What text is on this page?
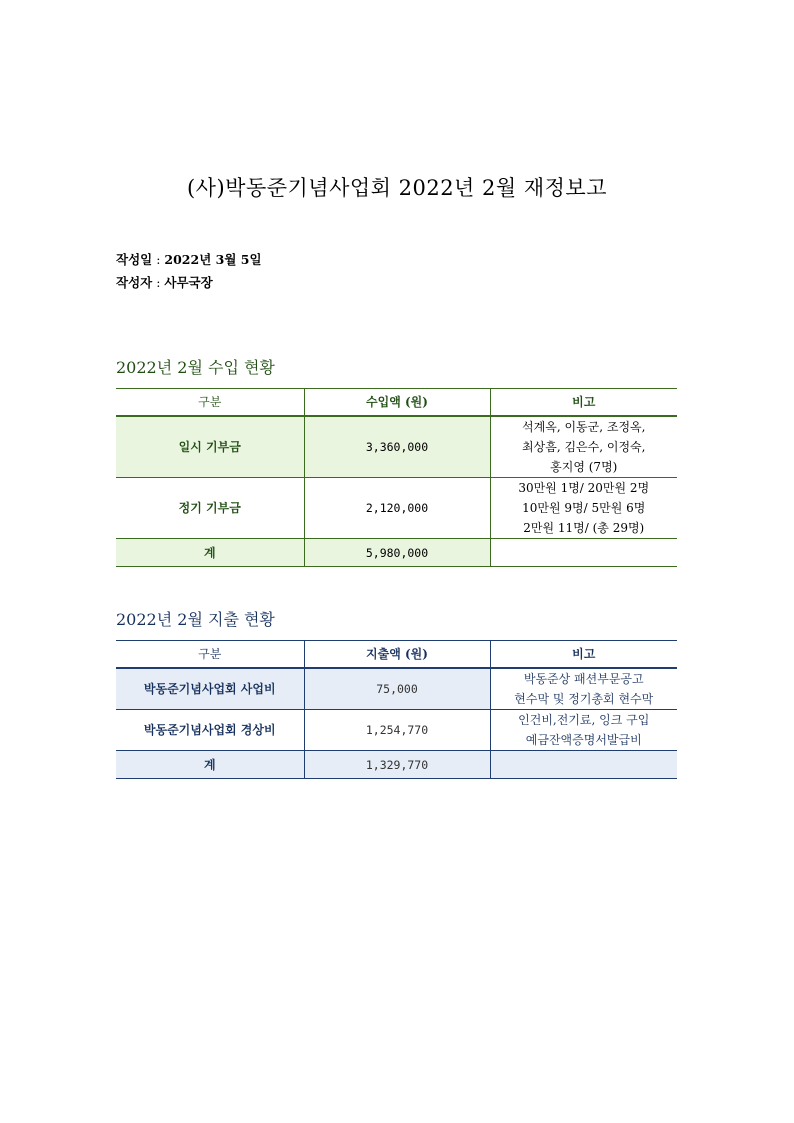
(사)박동준기념사업회 2022년 2월 재정보고
작성일 : 2022년 3월 5일
작성자 : 사무국장
2022년 2월 수입 현황
구분	수입액 (원)	비고
일시 기부금	3,360,000	석계옥, 이동군, 조정옥,
최상흠, 김은수, 이정숙,
홍지영 (7명)

정기 기부금	2,120,000	30만원 1명/ 20만원 2명
10만원 9명/ 5만원 6명
2만원 11명/ (총 29명)

계	5,980,000	
2022년 2월 지출 현황
구분	지출액 (원)	비고
박동준기념사업회 사업비	75,000	박동준상 패션부문공고
현수막 및 정기총회 현수막

박동준기념사업회 경상비	1,254,770	인건비,전기료, 잉크 구입
예금잔액증명서발급비

계	1,329,770	
